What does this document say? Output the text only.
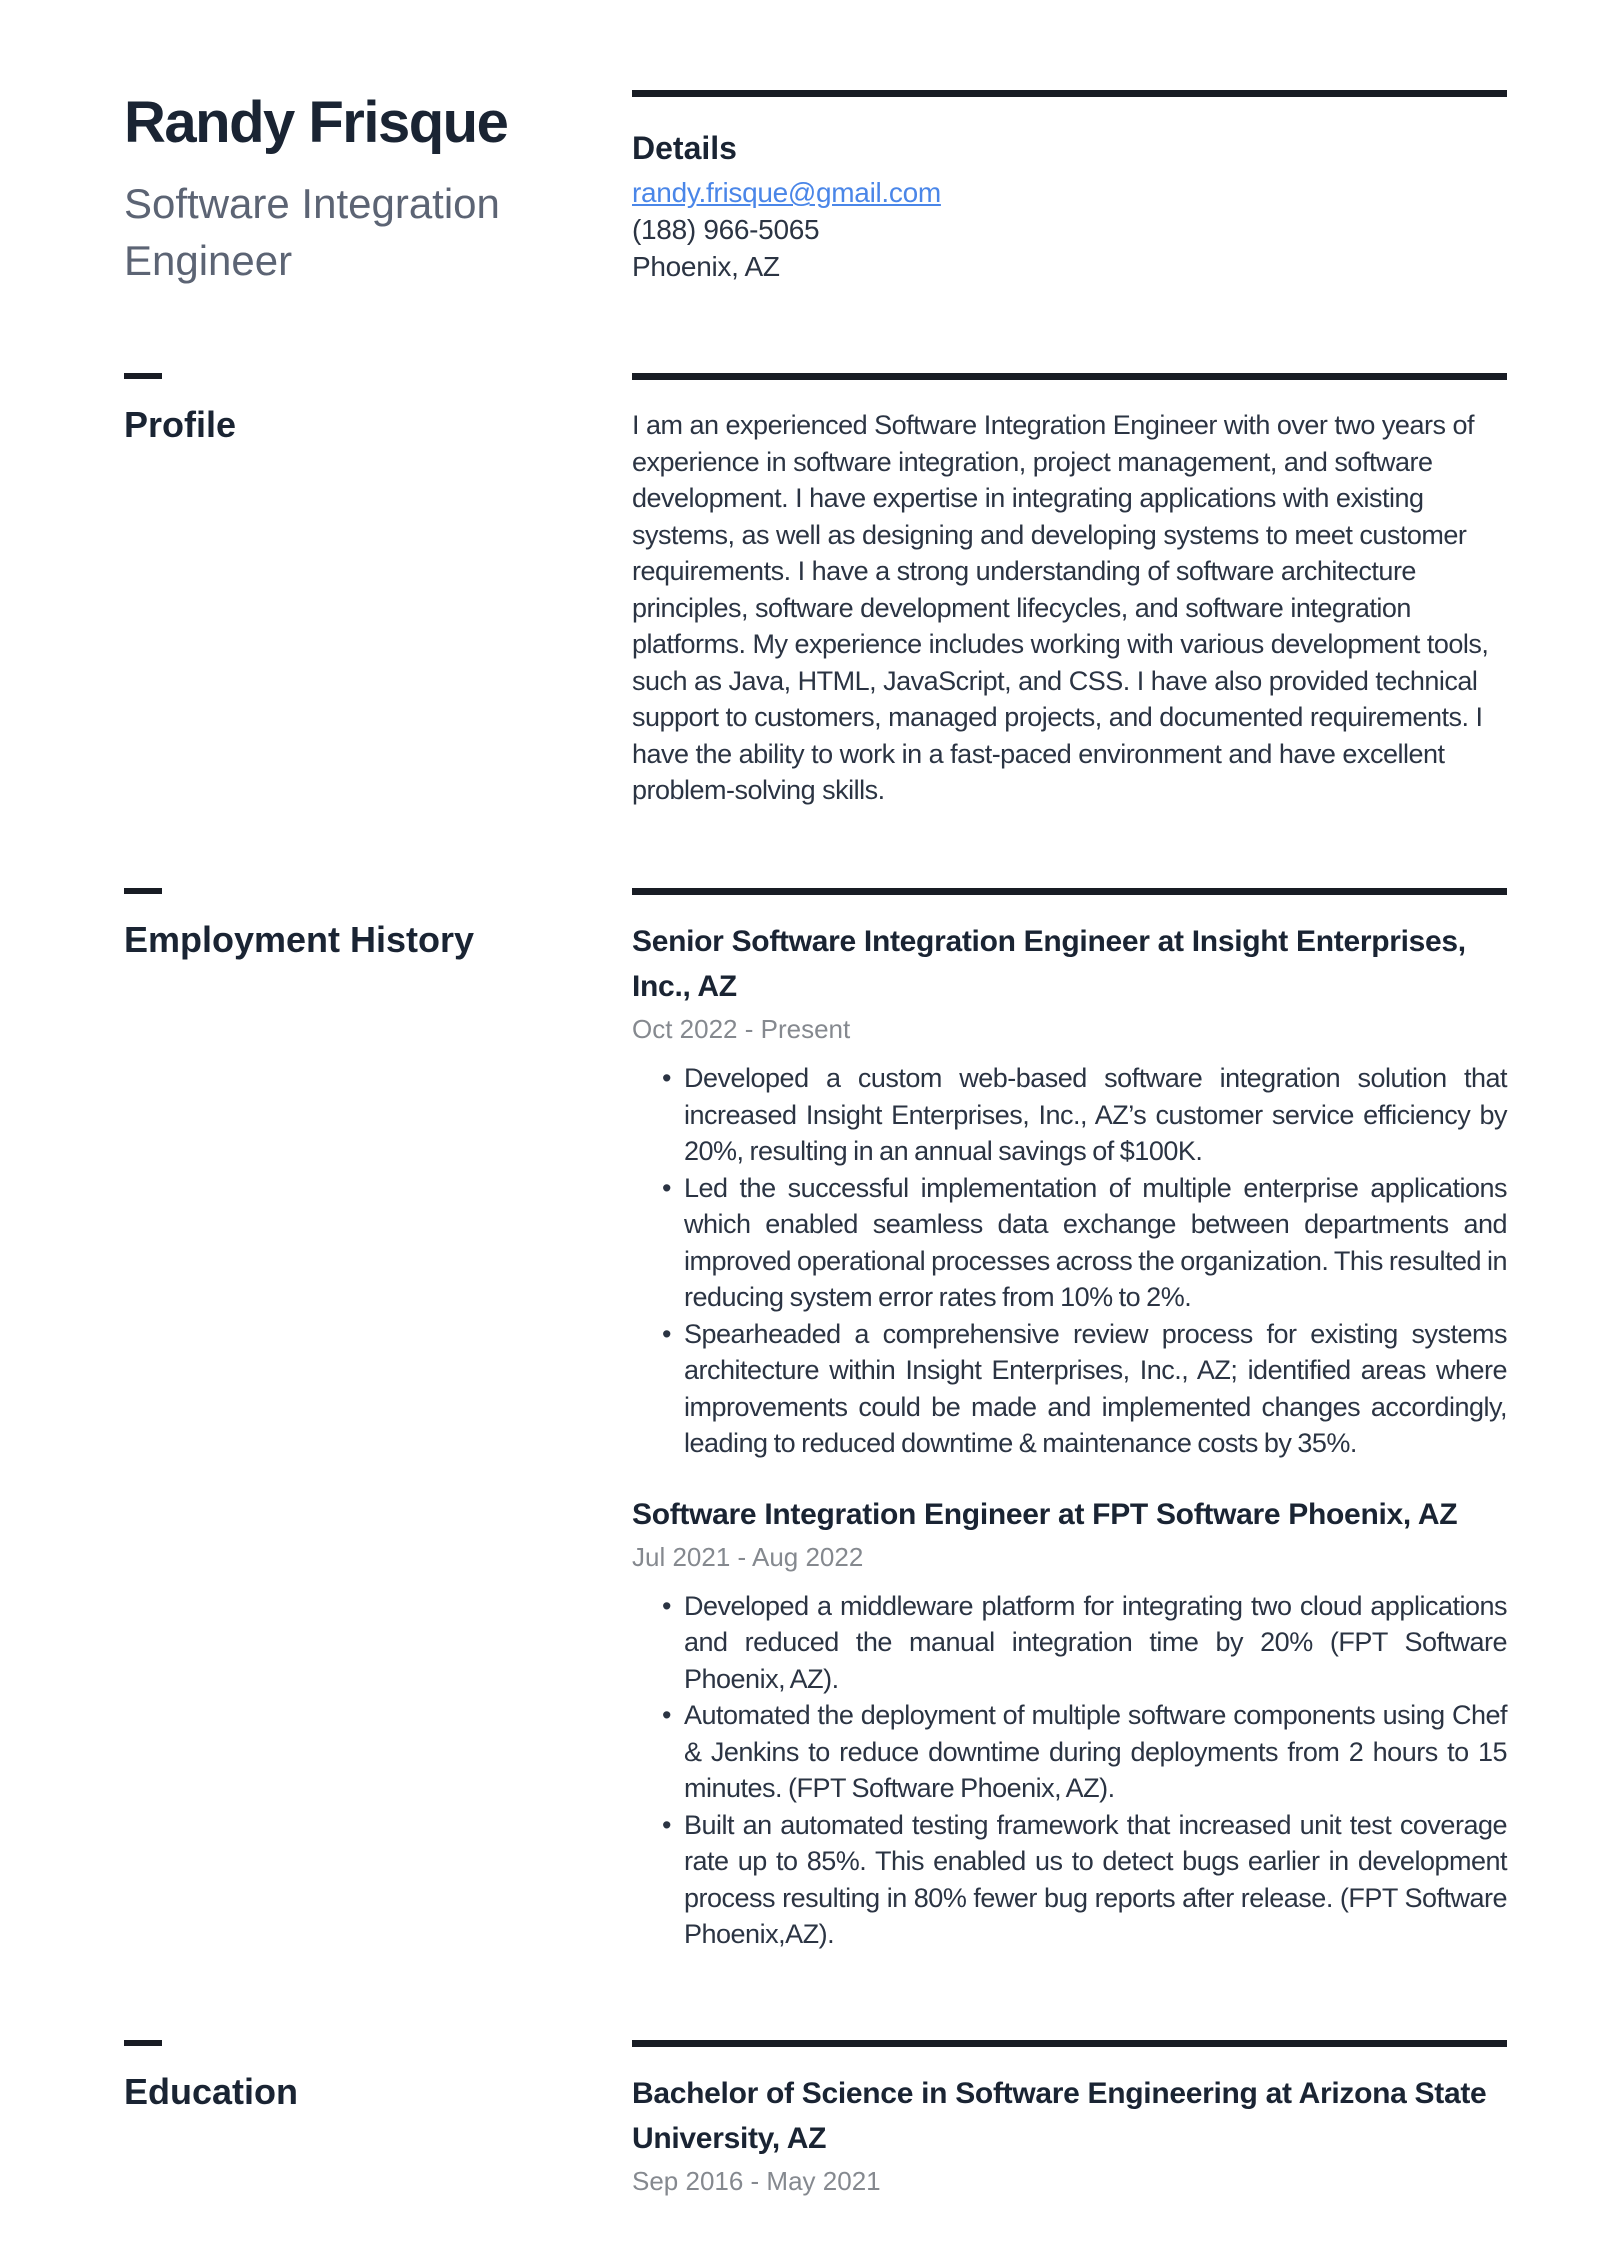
Randy Frisque
Software Integration Engineer
Details
randy.frisque@gmail.com
(188) 966-5065
Phoenix, AZ
Profile	I am an experienced Software Integration Engineer with over two years of experience in software integration, project management, and software development. I have expertise in integrating applications with existing systems, as well as designing and developing systems to meet customer requirements. I have a strong understanding of software architecture principles, software development lifecycles, and software integration platforms. My experience includes working with various development tools, such as Java, HTML, JavaScript, and CSS. I have also provided technical support to customers, managed projects, and documented requirements. I have the ability to work in a fast-paced environment and have excellent problem-solving skills.

Employment History	Senior Software Integration Engineer at Insight Enterprises, Inc., AZ
Oct 2022 - Present
• Developed a custom web-based software integration solution that increased Insight Enterprises, Inc., AZ’s customer service efficiency by 20%, resulting in an annual savings of $100K.
• Led the successful implementation of multiple enterprise applications which enabled seamless data exchange between departments and improved operational processes across the organization. This resulted in reducing system error rates from 10% to 2%.
• Spearheaded a comprehensive review process for existing systems architecture within Insight Enterprises, Inc., AZ; identified areas where improvements could be made and implemented changes accordingly, leading to reduced downtime & maintenance costs by 35%.
Software Integration Engineer at FPT Software Phoenix, AZ
Jul 2021 - Aug 2022
• Developed a middleware platform for integrating two cloud applications and reduced the manual integration time by 20% (FPT Software Phoenix, AZ).
• Automated the deployment of multiple software components using Chef & Jenkins to reduce downtime during deployments from 2 hours to 15 minutes. (FPT Software Phoenix, AZ).
• Built an automated testing framework that increased unit test coverage rate up to 85%. This enabled us to detect bugs earlier in development process resulting in 80% fewer bug reports after release. (FPT Software Phoenix,AZ).
Education	Bachelor of Science in Software Engineering at Arizona State University, AZ
Sep 2016 - May 2021
